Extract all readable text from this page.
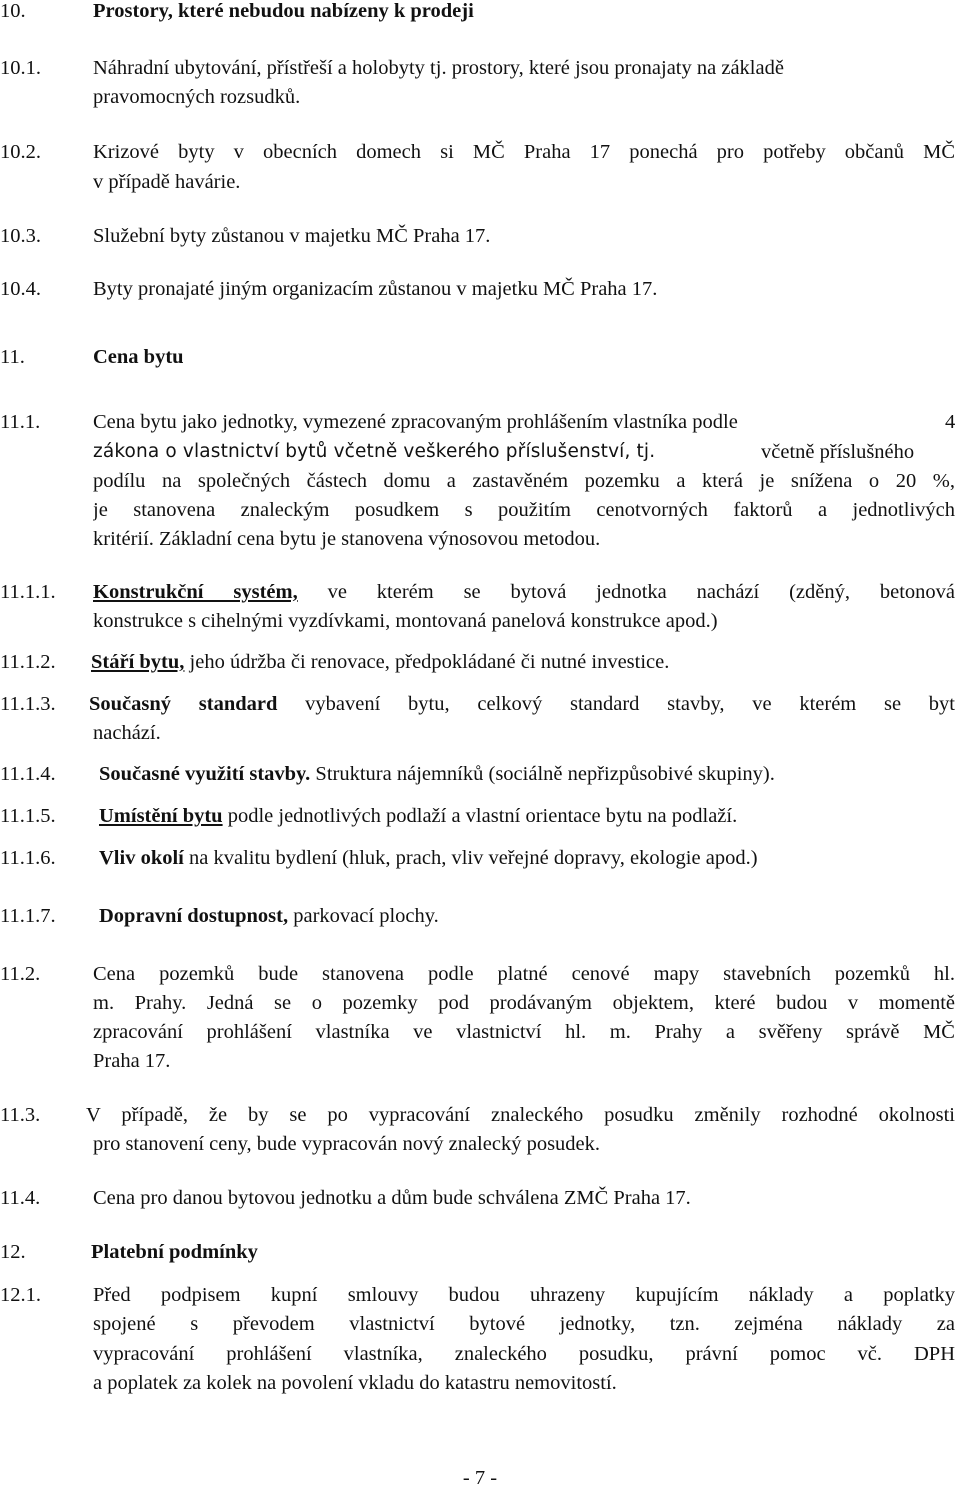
10.	Prostory, které nebudou nabízeny k prodeji
10.1.	Náhradní ubytování, přístřeší a holobyty tj. prostory, které jsou pronajaty na základě
pravomocných rozsudků.
10.2.	Krizové byty v obecních domech si MČ Praha 17 ponechá pro potřeby občanů MČ
v případě havárie.
10.3.	Služební byty zůstanou v majetku MČ Praha 17.
10.4.	Byty pronajaté jiným organizacím zůstanou v majetku MČ Praha 17.
11.	Cena bytu
11.1.	Cena bytu jako jednotky, vymezené zpracovaným prohlášením vlastníka podle	4
zákona o vlastnictví bytů včetně veškerého příslušenství, tj.	včetně příslušného
podílu na společných částech domu a zastavěném pozemku a která je snížena o 20 %,
je stanovena znaleckým posudkem s použitím cenotvorných faktorů a jednotlivých
kritérií. Základní cena bytu je stanovena výnosovou metodou.
11.1.1. Konstrukční systém, ve kterém se bytová jednotka nachází (zděný, betonová
konstrukce s cihelnými vyzdívkami, montovaná panelová konstrukce apod.)
11.1.2. Stáří bytu, jeho údržba či renovace, předpokládané či nutné investice.
11.1.3. Současný standard vybavení bytu, celkový standard stavby, ve kterém se byt
nachází.
11.1.4. Současné využití stavby. Struktura nájemníků (sociálně nepřizpůsobivé skupiny).
11.1.5. Umístění bytu podle jednotlivých podlaží a vlastní orientace bytu na podlaží.
11.1.6. Vliv okolí na kvalitu bydlení (hluk, prach, vliv veřejné dopravy, ekologie apod.)
11.1.7. Dopravní dostupnost, parkovací plochy.
11.2.	Cena pozemků bude stanovena podle platné cenové mapy stavebních pozemků hl.
m. Prahy. Jedná se o pozemky pod prodávaným objektem, které budou v momentě
zpracování prohlášení vlastníka ve vlastnictví hl. m. Prahy a svěřeny správě MČ
Praha 17.
11.3. V případě, že by se po vypracování znaleckého posudku změnily rozhodné okolnosti
pro stanovení ceny, bude vypracován nový znalecký posudek.
11.4.	Cena pro danou bytovou jednotku a dům bude schválena ZMČ Praha 17.
12.	Platební podmínky
12.1.	Před podpisem kupní smlouvy budou uhrazeny kupujícím náklady a poplatky
spojené s převodem vlastnictví bytové jednotky, tzn. zejména náklady za
vypracování prohlášení vlastníka, znaleckého posudku, právní pomoc vč. DPH
a poplatek za kolek na povolení vkladu do katastru nemovitostí.
- 7 -
